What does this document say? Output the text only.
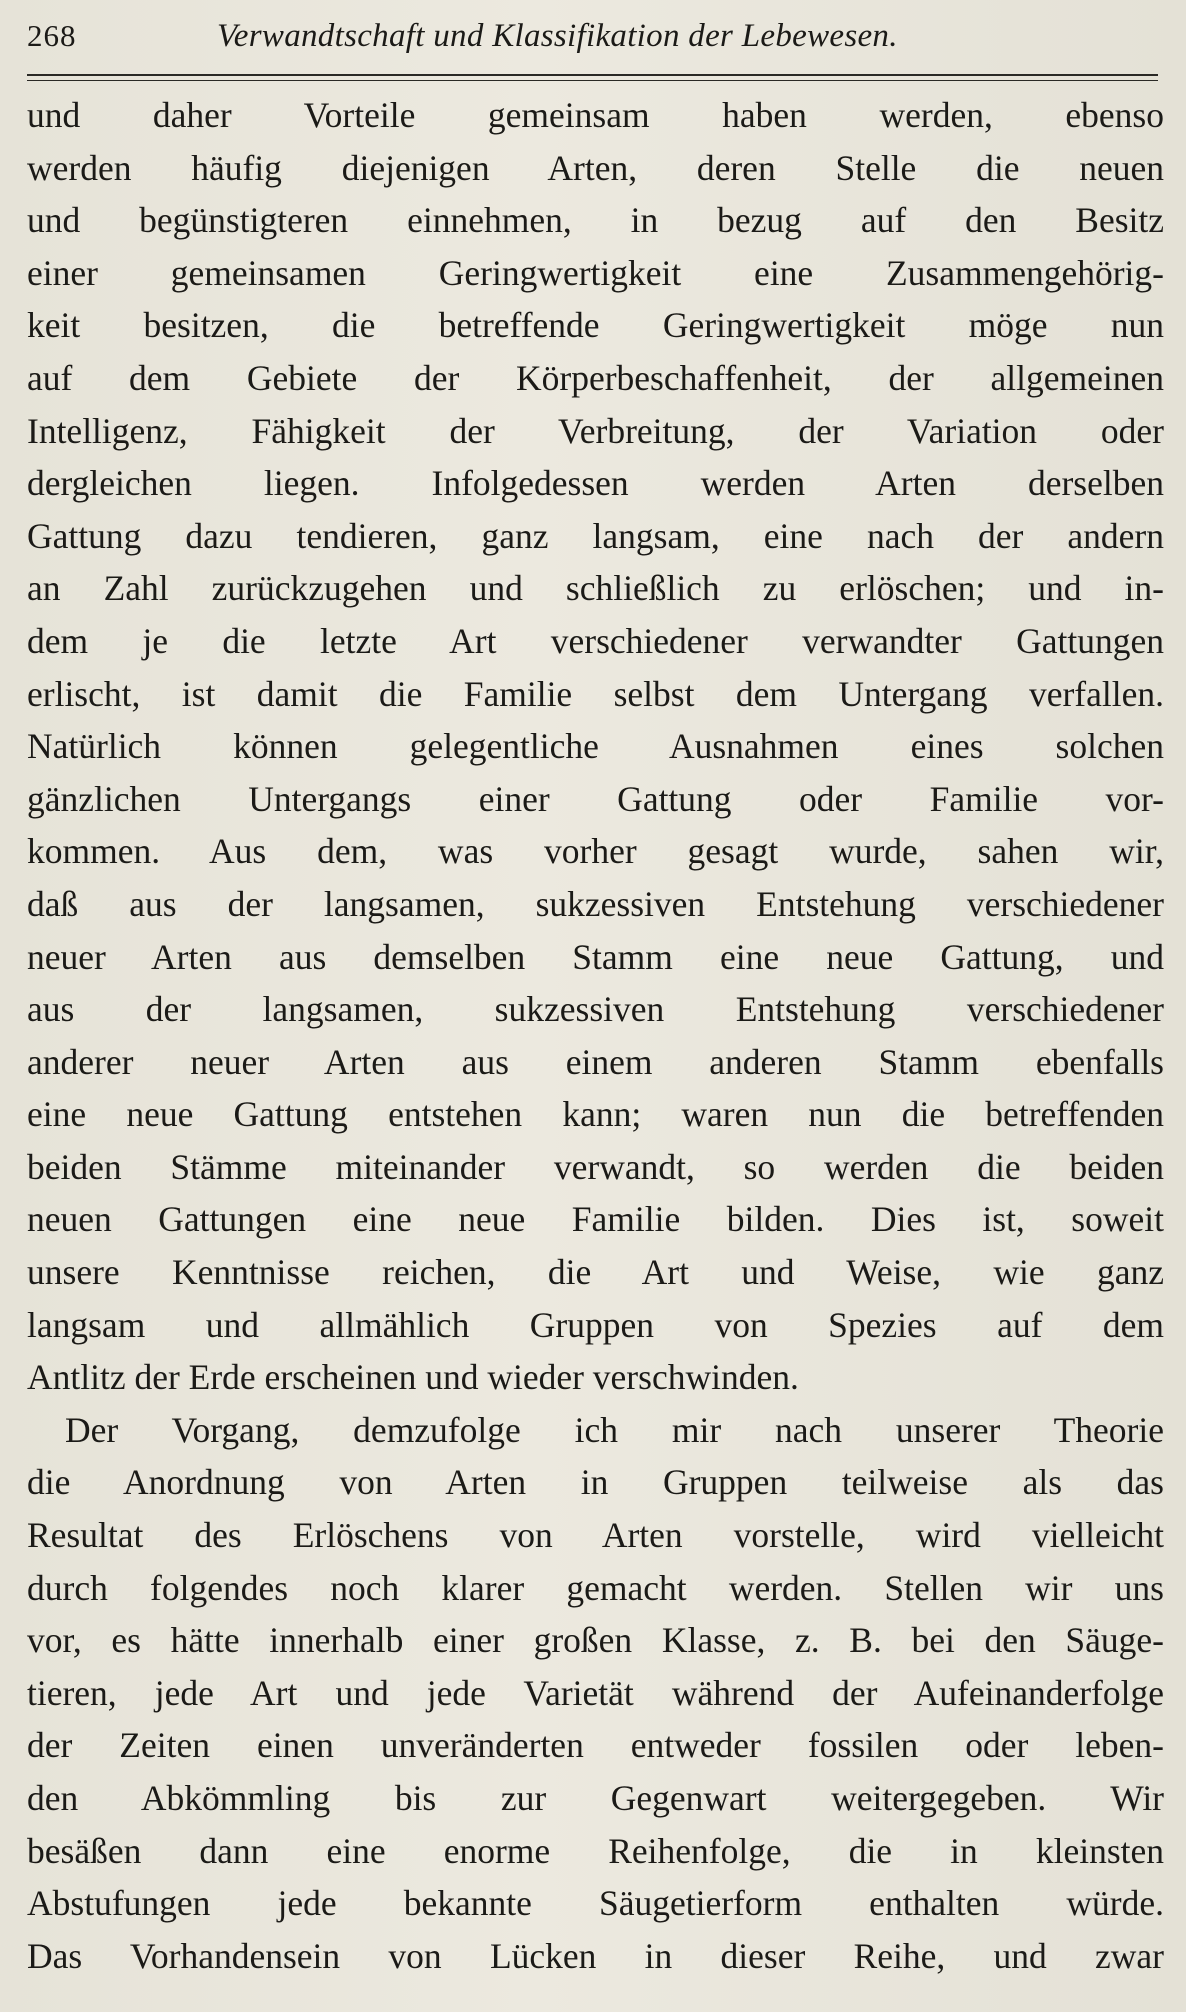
268	Verwandtschaft und Klassifikation der Lebewesen.
und daher Vorteile gemeinsam haben werden, ebenso
werden häufig diejenigen Arten, deren Stelle die neuen
und begünstigteren einnehmen, in bezug auf den Besitz
einer gemeinsamen Geringwertigkeit eine Zusammengehörig-
keit besitzen, die betreffende Geringwertigkeit möge nun
auf dem Gebiete der Körperbeschaffenheit, der allgemeinen
Intelligenz, Fähigkeit der Verbreitung, der Variation oder
dergleichen liegen. Infolgedessen werden Arten derselben
Gattung dazu tendieren, ganz langsam, eine nach der andern
an Zahl zurückzugehen und schließlich zu erlöschen; und in-
dem je die letzte Art verschiedener verwandter Gattungen
erlischt, ist damit die Familie selbst dem Untergang verfallen.
Natürlich können gelegentliche Ausnahmen eines solchen
gänzlichen Untergangs einer Gattung oder Familie vor-
kommen. Aus dem, was vorher gesagt wurde, sahen wir,
daß aus der langsamen, sukzessiven Entstehung verschiedener
neuer Arten aus demselben Stamm eine neue Gattung, und
aus der langsamen, sukzessiven Entstehung verschiedener
anderer neuer Arten aus einem anderen Stamm ebenfalls
eine neue Gattung entstehen kann; waren nun die betreffenden
beiden Stämme miteinander verwandt, so werden die beiden
neuen Gattungen eine neue Familie bilden. Dies ist, soweit
unsere Kenntnisse reichen, die Art und Weise, wie ganz
langsam und allmählich Gruppen von Spezies auf dem
Antlitz der Erde erscheinen und wieder verschwinden.
Der Vorgang, demzufolge ich mir nach unserer Theorie
die Anordnung von Arten in Gruppen teilweise als das
Resultat des Erlöschens von Arten vorstelle, wird vielleicht
durch folgendes noch klarer gemacht werden. Stellen wir uns
vor, es hätte innerhalb einer großen Klasse, z. B. bei den Säuge-
tieren, jede Art und jede Varietät während der Aufeinanderfolge
der Zeiten einen unveränderten entweder fossilen oder leben-
den Abkömmling bis zur Gegenwart weitergegeben. Wir
besäßen dann eine enorme Reihenfolge, die in kleinsten
Abstufungen jede bekannte Säugetierform enthalten würde.
Das Vorhandensein von Lücken in dieser Reihe, und zwar
